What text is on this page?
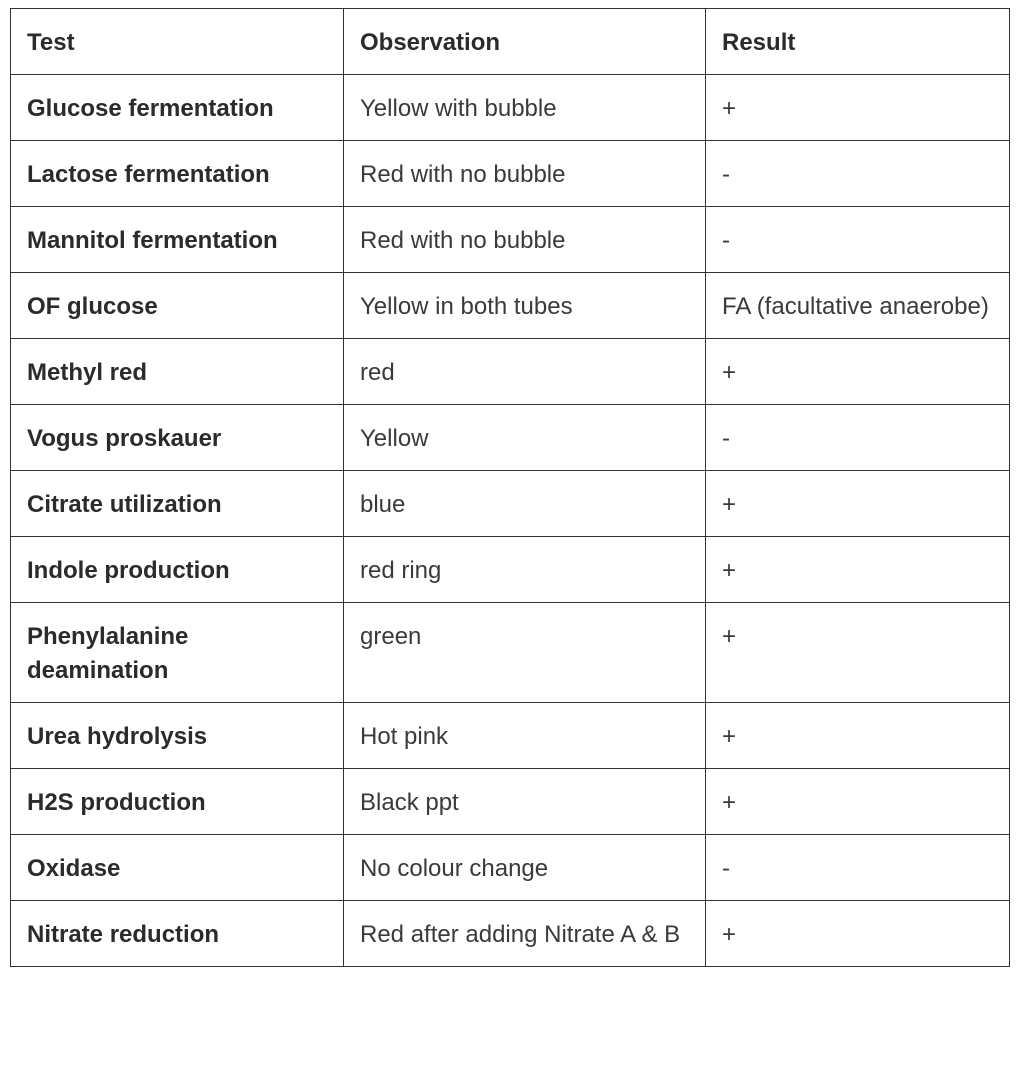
Test	Observation	Result
Glucose fermentation	Yellow with bubble	+
Lactose fermentation	Red with no bubble	-
Mannitol fermentation	Red with no bubble	-
OF glucose	Yellow in both tubes	FA (facultative anaerobe)
Methyl red	red	+
Vogus proskauer	Yellow	-
Citrate utilization	blue	+
Indole production	red ring	+
Phenylalanine deamination	green	+
Urea hydrolysis	Hot pink	+
H2S production	Black ppt	+
Oxidase	No colour change	-
Nitrate reduction	Red after adding Nitrate A & B	+
